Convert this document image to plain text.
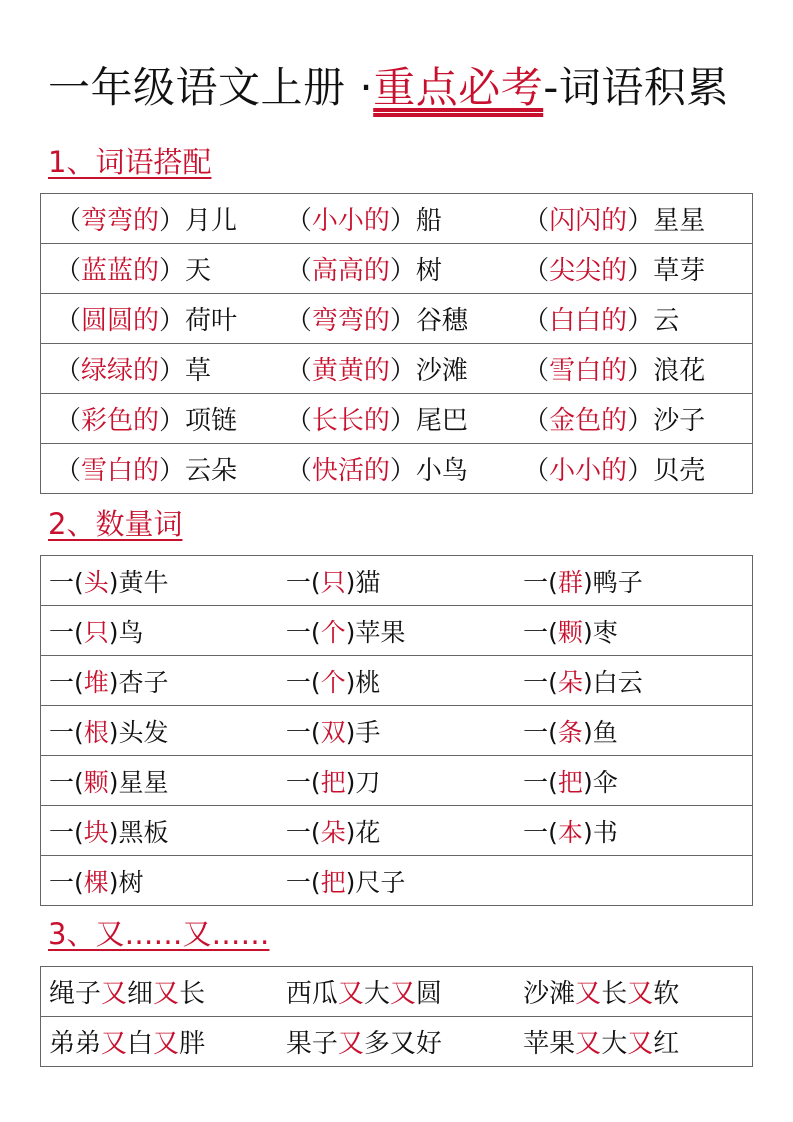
一年级语文上册 ·重点必考-词语积累
1、词语搭配
（弯弯的）月儿	（小小的）船	（闪闪的）星星
（蓝蓝的）天	（高高的）树	（尖尖的）草芽
（圆圆的）荷叶	（弯弯的）谷穗	（白白的）云
（绿绿的）草	（黄黄的）沙滩	（雪白的）浪花
（彩色的）项链	（长长的）尾巴	（金色的）沙子
（雪白的）云朵	（快活的）小鸟	（小小的）贝壳
2、数量词
一(头)黄牛	一(只)猫	一(群)鸭子
一(只)鸟	一(个)苹果	一(颗)枣
一(堆)杏子	一(个)桃	一(朵)白云
一(根)头发	一(双)手	一(条)鱼
一(颗)星星	一(把)刀	一(把)伞
一(块)黑板	一(朵)花	一(本)书
一(棵)树	一(把)尺子	
3、又……又……
绳子又细又长	西瓜又大又圆	沙滩又长又软
弟弟又白又胖	果子又多又好	苹果又大又红
